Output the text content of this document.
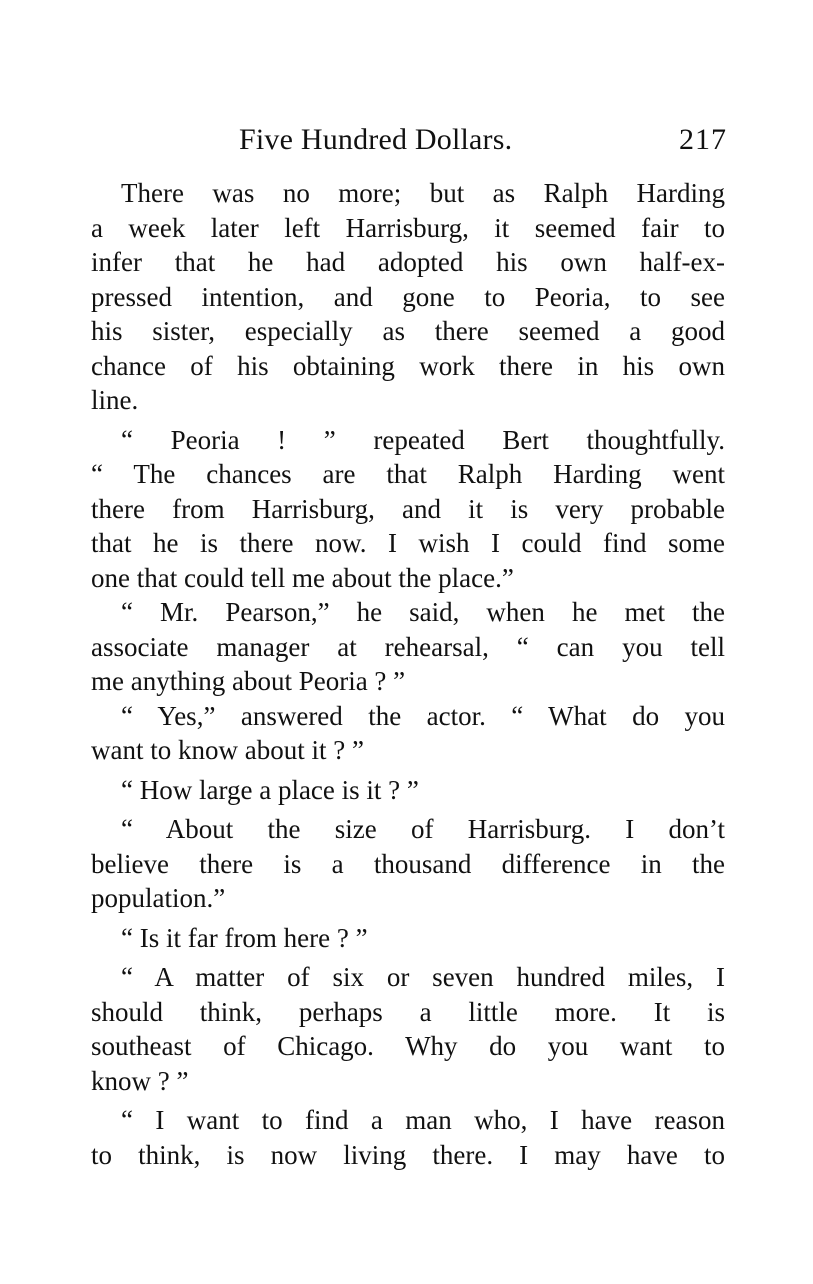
Five Hundred Dollars.	217
There was no more; but as Ralph Harding
a week later left Harrisburg, it seemed fair to
infer that he had adopted his own half-ex-
pressed intention, and gone to Peoria, to see
his sister, especially as there seemed a good
chance of his obtaining work there in his own
line.
“ Peoria ! ” repeated Bert thoughtfully.
“ The chances are that Ralph Harding went
there from Harrisburg, and it is very probable
that he is there now. I wish I could find some
one that could tell me about the place.”
“ Mr. Pearson,” he said, when he met the
associate manager at rehearsal, “ can you tell
me anything about Peoria ? ”
“ Yes,” answered the actor. “ What do you
want to know about it ? ”
“ How large a place is it ? ”
“ About the size of Harrisburg. I don’t
believe there is a thousand difference in the
population.”
“ Is it far from here ? ”
“ A matter of six or seven hundred miles, I
should think, perhaps a little more. It is
southeast of Chicago. Why do you want to
know ? ”
“ I want to find a man who, I have reason
to think, is now living there. I may have to
